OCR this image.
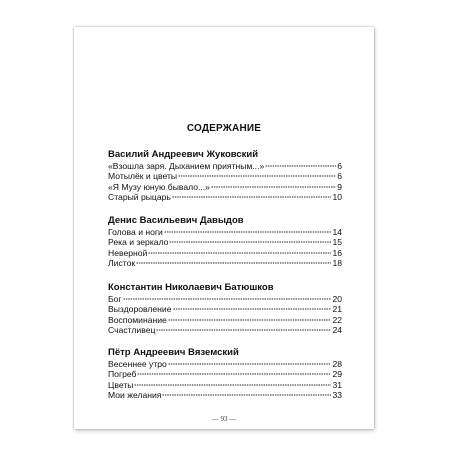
СОДЕРЖАНИЕ
Василий Андреевич Жуковский
«Взошла заря. Дыханием приятным...»	6
Мотылёк и цветы	6
«Я Музу юную бывало...»	9
Старый рыцарь	10
Денис Васильевич Давыдов
Голова и ноги	14
Река и зеркало	15
Неверной	16
Листок	18
Константин Николаевич Батюшков
Бог	20
Выздоровление	21
Воспоминание	22
Счастливец	24
Пётр Андреевич Вяземский
Весеннее утро	28
Погреб	29
Цветы	31
Мои желания	33
— 93 —
